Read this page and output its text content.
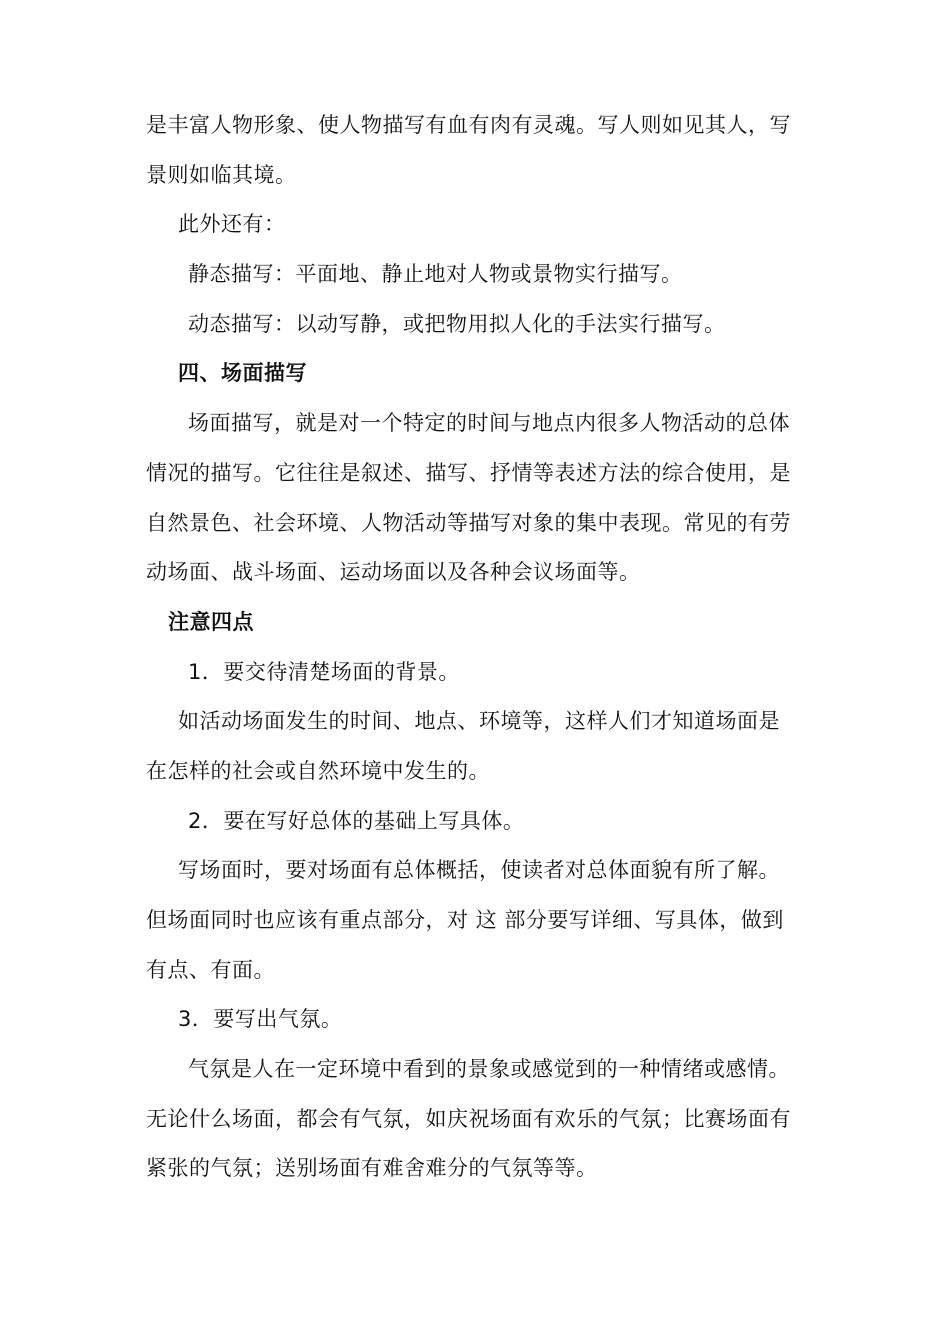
是丰富人物形象、使人物描写有血有肉有灵魂。写人则如见其人，写
景则如临其境。
此外还有：
静态描写：平面地、静止地对人物或景物实行描写。
动态描写：以动写静，或把物用拟人化的手法实行描写。
四、场面描写
场面描写，就是对一个特定的时间与地点内很多人物活动的总体
情况的描写。它往往是叙述、描写、抒情等表述方法的综合使用，是
自然景色、社会环境、人物活动等描写对象的集中表现。常见的有劳
动场面、战斗场面、运动场面以及各种会议场面等。
注意四点
1．要交待清楚场面的背景。
如活动场面发生的时间、地点、环境等，这样人们才知道场面是
在怎样的社会或自然环境中发生的。
2．要在写好总体的基础上写具体。
写场面时，要对场面有总体概括，使读者对总体面貌有所了解。
但场面同时也应该有重点部分，对 这 部分要写详细、写具体，做到
有点、有面。
3．要写出气氛。
气氛是人在一定环境中看到的景象或感觉到的一种情绪或感情。
无论什么场面，都会有气氛，如庆祝场面有欢乐的气氛；比赛场面有
紧张的气氛；送别场面有难舍难分的气氛等等。
